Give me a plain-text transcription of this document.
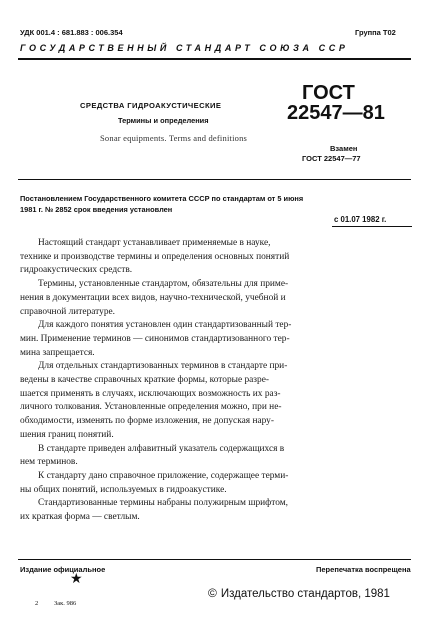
УДК 001.4 : 681.883 : 006.354	Группа Т02
ГОСУДАРСТВЕННЫЙ СТАНДАРТ СОЮЗА ССР
СРЕДСТВА ГИДРОАКУСТИЧЕСКИЕ
Термины и определения
Sonar equipments. Terms and definitions
ГОСТ
22547—81
Взамен
ГОСТ 22547—77
Постановлением Государственного комитета СССР по стандартам от 5 июня
1981 г. № 2852 срок введения установлен
с 01.07 1982 г.
Настоящий стандарт устанавливает применяемые в науке,
технике и производстве термины и определения основных понятий
гидроакустических средств.
Термины, установленные стандартом, обязательны для приме-
нения в документации всех видов, научно-технической, учебной и
справочной литературе.
Для каждого понятия установлен один стандартизованный тер-
мин. Применение терминов — синонимов стандартизованного тер-
мина запрещается.
Для отдельных стандартизованных терминов в стандарте при-
ведены в качестве справочных краткие формы, которые разре-
шается применять в случаях, исключающих возможность их раз-
личного толкования. Установленные определения можно, при не-
обходимости, изменять по форме изложения, не допуская нару-
шения границ понятий.
В стандарте приведен алфавитный указатель содержащихся в
нем терминов.
К стандарту дано справочное приложение, содержащее терми-
ны общих понятий, используемых в гидроакустике.
Стандартизованные термины набраны полужирным шрифтом,
их краткая форма — светлым.
Издание официальное	Перепечатка воспрещена
★
© Издательство стандартов, 1981
2 Зак. 986
